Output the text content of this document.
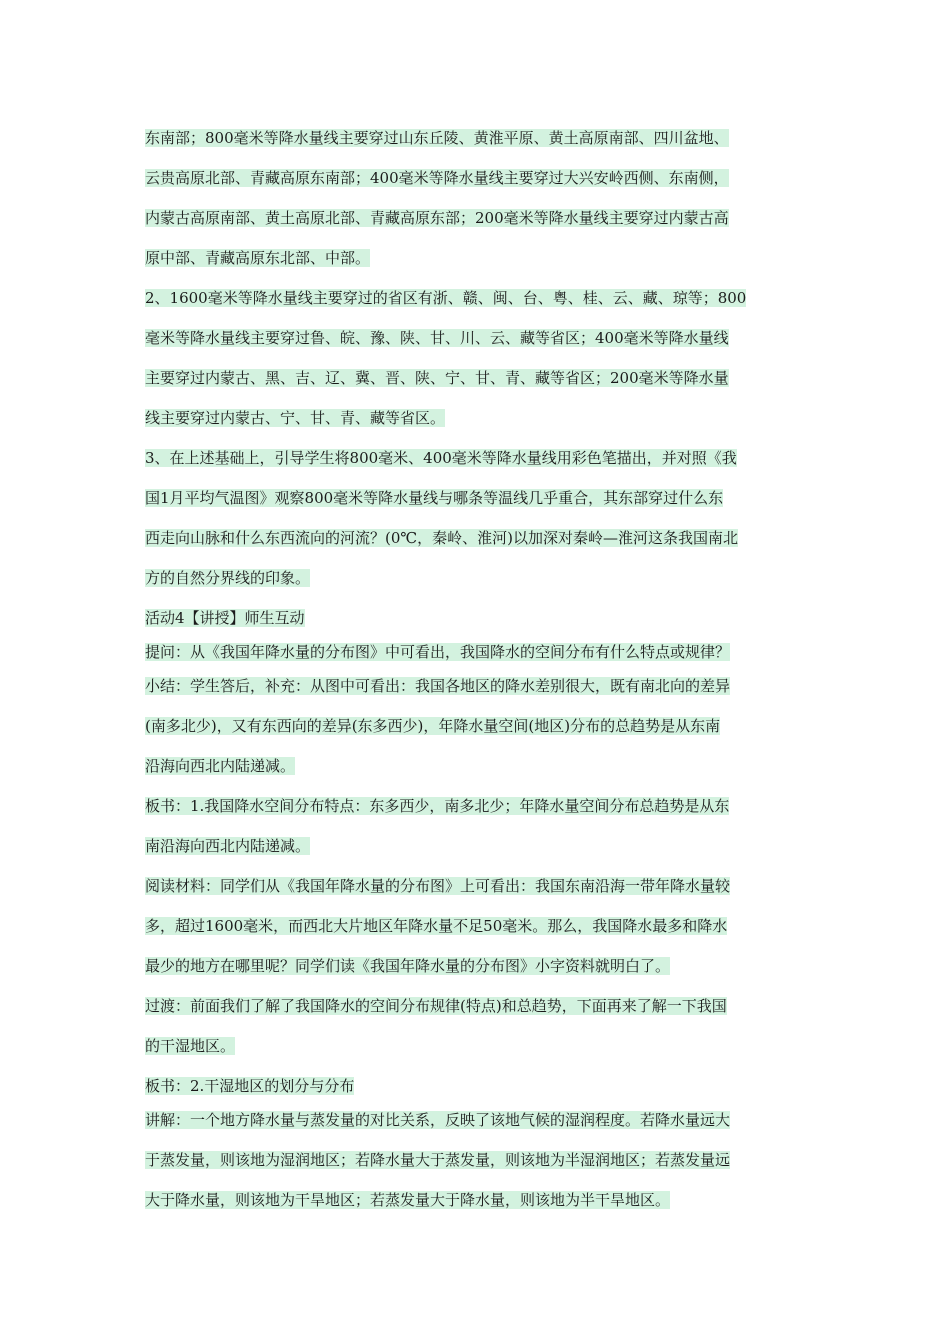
东南部；800毫米等降水量线主要穿过山东丘陵、黄淮平原、黄土高原南部、四川盆地、
云贵高原北部、青藏高原东南部；400毫米等降水量线主要穿过大兴安岭西侧、东南侧，
内蒙古高原南部、黄土高原北部、青藏高原东部；200毫米等降水量线主要穿过内蒙古高
原中部、青藏高原东北部、中部。
2、1600毫米等降水量线主要穿过的省区有浙、赣、闽、台、粤、桂、云、藏、琼等；800
毫米等降水量线主要穿过鲁、皖、豫、陕、甘、川、云、藏等省区；400毫米等降水量线
主要穿过内蒙古、黑、吉、辽、冀、晋、陕、宁、甘、青、藏等省区；200毫米等降水量
线主要穿过内蒙古、宁、甘、青、藏等省区。
3、在上述基础上，引导学生将800毫米、400毫米等降水量线用彩色笔描出，并对照《我
国1月平均气温图》观察800毫米等降水量线与哪条等温线几乎重合，其东部穿过什么东
西走向山脉和什么东西流向的河流？(0℃，秦岭、淮河)以加深对秦岭—淮河这条我国南北
方的自然分界线的印象。
活动4【讲授】师生互动
提问：从《我国年降水量的分布图》中可看出，我国降水的空间分布有什么特点或规律？
小结：学生答后，补充：从图中可看出：我国各地区的降水差别很大，既有南北向的差异
(南多北少)，又有东西向的差异(东多西少)，年降水量空间(地区)分布的总趋势是从东南
沿海向西北内陆递减。
板书：1.我国降水空间分布特点：东多西少，南多北少；年降水量空间分布总趋势是从东
南沿海向西北内陆递减。
阅读材料：同学们从《我国年降水量的分布图》上可看出：我国东南沿海一带年降水量较
多，超过1600毫米，而西北大片地区年降水量不足50毫米。那么，我国降水最多和降水
最少的地方在哪里呢？同学们读《我国年降水量的分布图》小字资料就明白了。
过渡：前面我们了解了我国降水的空间分布规律(特点)和总趋势，下面再来了解一下我国
的干湿地区。
板书：2.干湿地区的划分与分布
讲解：一个地方降水量与蒸发量的对比关系，反映了该地气候的湿润程度。若降水量远大
于蒸发量，则该地为湿润地区；若降水量大于蒸发量，则该地为半湿润地区；若蒸发量远
大于降水量，则该地为干旱地区；若蒸发量大于降水量，则该地为半干旱地区。
